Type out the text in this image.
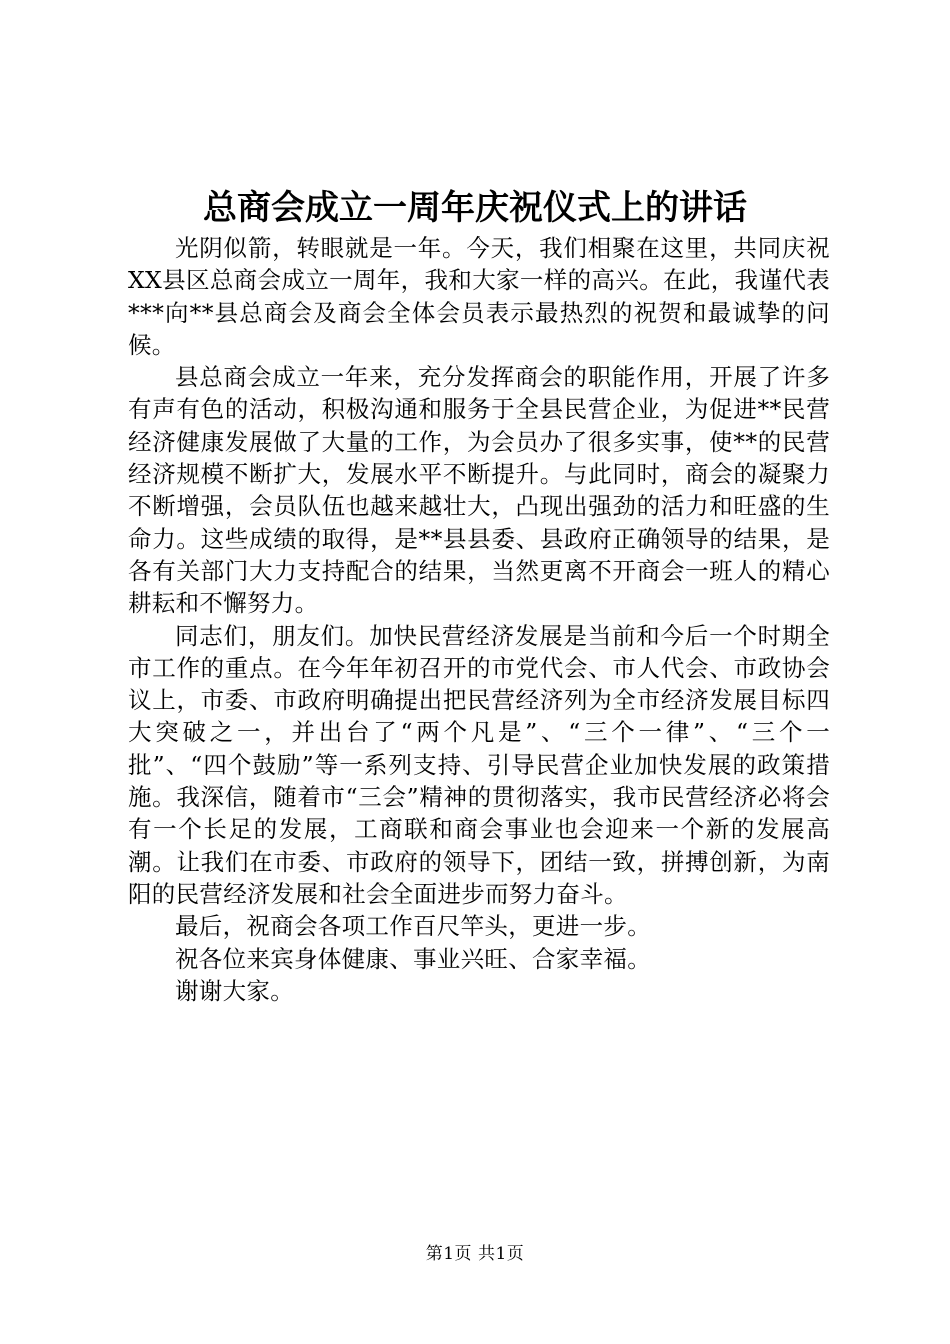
总商会成立一周年庆祝仪式上的讲话

光阴似箭，转眼就是一年。今天，我们相聚在这里，共同庆祝XX县区总商会成立一周年，我和大家一样的高兴。在此，我谨代表***向**县总商会及商会全体会员表示最热烈的祝贺和最诚挚的问候。

县总商会成立一年来，充分发挥商会的职能作用，开展了许多有声有色的活动，积极沟通和服务于全县民营企业，为促进**民营经济健康发展做了大量的工作，为会员办了很多实事，使**的民营经济规模不断扩大，发展水平不断提升。与此同时，商会的凝聚力不断增强，会员队伍也越来越壮大，凸现出强劲的活力和旺盛的生命力。这些成绩的取得，是**县县委、县政府正确领导的结果，是各有关部门大力支持配合的结果，当然更离不开商会一班人的精心耕耘和不懈努力。

同志们，朋友们。加快民营经济发展是当前和今后一个时期全市工作的重点。在今年年初召开的市党代会、市人代会、市政协会议上，市委、市政府明确提出把民营经济列为全市经济发展目标四大突破之一，并出台了“两个凡是”、“三个一律”、“三个一批”、“四个鼓励”等一系列支持、引导民营企业加快发展的政策措施。我深信，随着市“三会”精神的贯彻落实，我市民营经济必将会有一个长足的发展，工商联和商会事业也会迎来一个新的发展高潮。让我们在市委、市政府的领导下，团结一致，拼搏创新，为南阳的民营经济发展和社会全面进步而努力奋斗。

最后，祝商会各项工作百尺竿头，更进一步。

祝各位来宾身体健康、事业兴旺、合家幸福。

谢谢大家。

第1页 共1页
